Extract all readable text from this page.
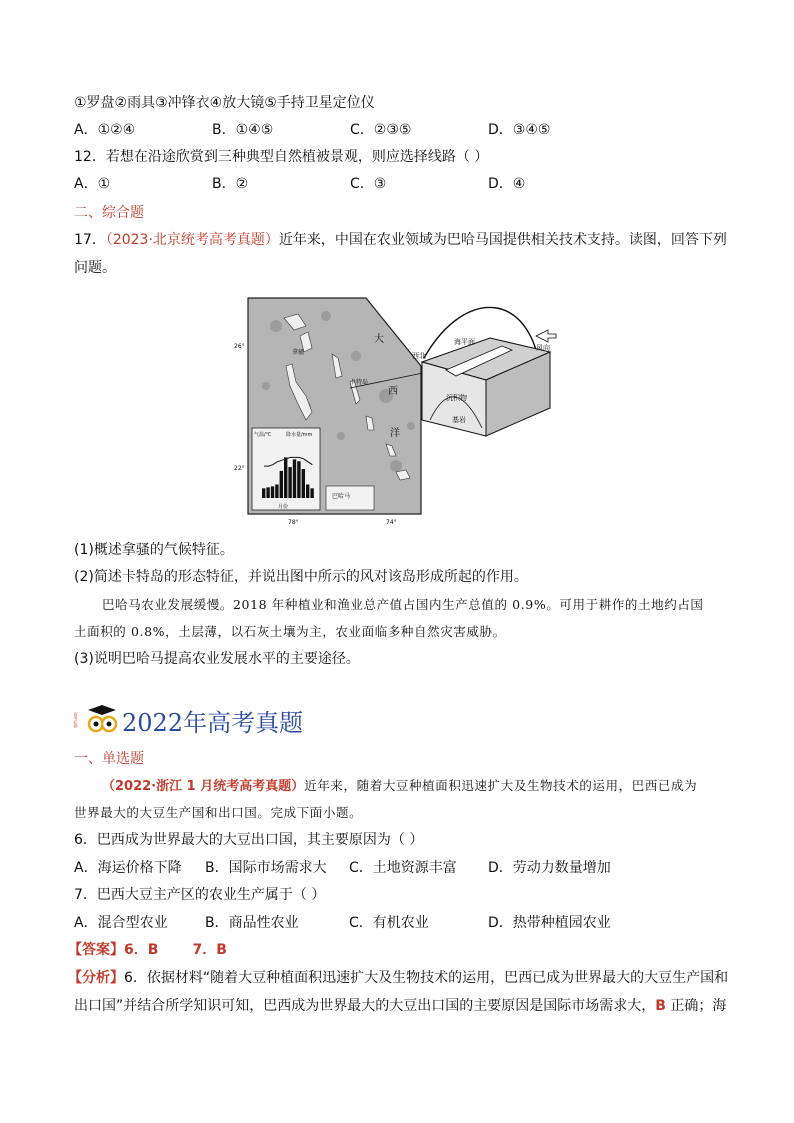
①罗盘②雨具③冲锋衣④放大镜⑤手持卫星定位仪
A．①②④	B．①④⑤	C．②③⑤	D．③④⑤
12．若想在沿途欣赏到三种典型自然植被景观，则应选择线路（ ）
A．①	B．②	C．③	D．④
二、综合题
17．（2023·北京统考高考真题）近年来，中国在农业领域为巴哈马国提供相关技术支持。读图，回答下列
问题。
大
西
洋
拿骚
卡特岛
26°
22°
78°	74°
气温/℃	降水量/mm
月份
巴哈马
海平面
西北
风向
沉积物
基岩
(1)概述拿骚的气候特征。
(2)简述卡特岛的形态特征，并说出图中所示的风对该岛形成所起的作用。
巴哈马农业发展缓慢。2018 年种植业和渔业总产值占国内生产总值的 0.9%。可用于耕作的土地约占国
土面积的 0.8%，土层薄，以石灰土壤为主，农业面临多种自然灾害威胁。
(3)说明巴哈马提高农业发展水平的主要途径。
高考必刷 2022年高考真题
一、单选题
（2022·浙江 1 月统考高考真题）近年来，随着大豆种植面积迅速扩大及生物技术的运用，巴西已成为
世界最大的大豆生产国和出口国。完成下面小题。
6．巴西成为世界最大的大豆出口国，其主要原因为（ ）
A．海运价格下降 B．国际市场需求大 C．土地资源丰富 D．劳动力数量增加
7．巴西大豆主产区的农业生产属于（ ）
A．混合型农业	B．商品性农业	C．有机农业	D．热带种植园农业
【答案】6．B       7．B
【分析】6．依据材料“随着大豆种植面积迅速扩大及生物技术的运用，巴西已成为世界最大的大豆生产国和
出口国”并结合所学知识可知，巴西成为世界最大的大豆出口国的主要原因是国际市场需求大，B 正确；海
